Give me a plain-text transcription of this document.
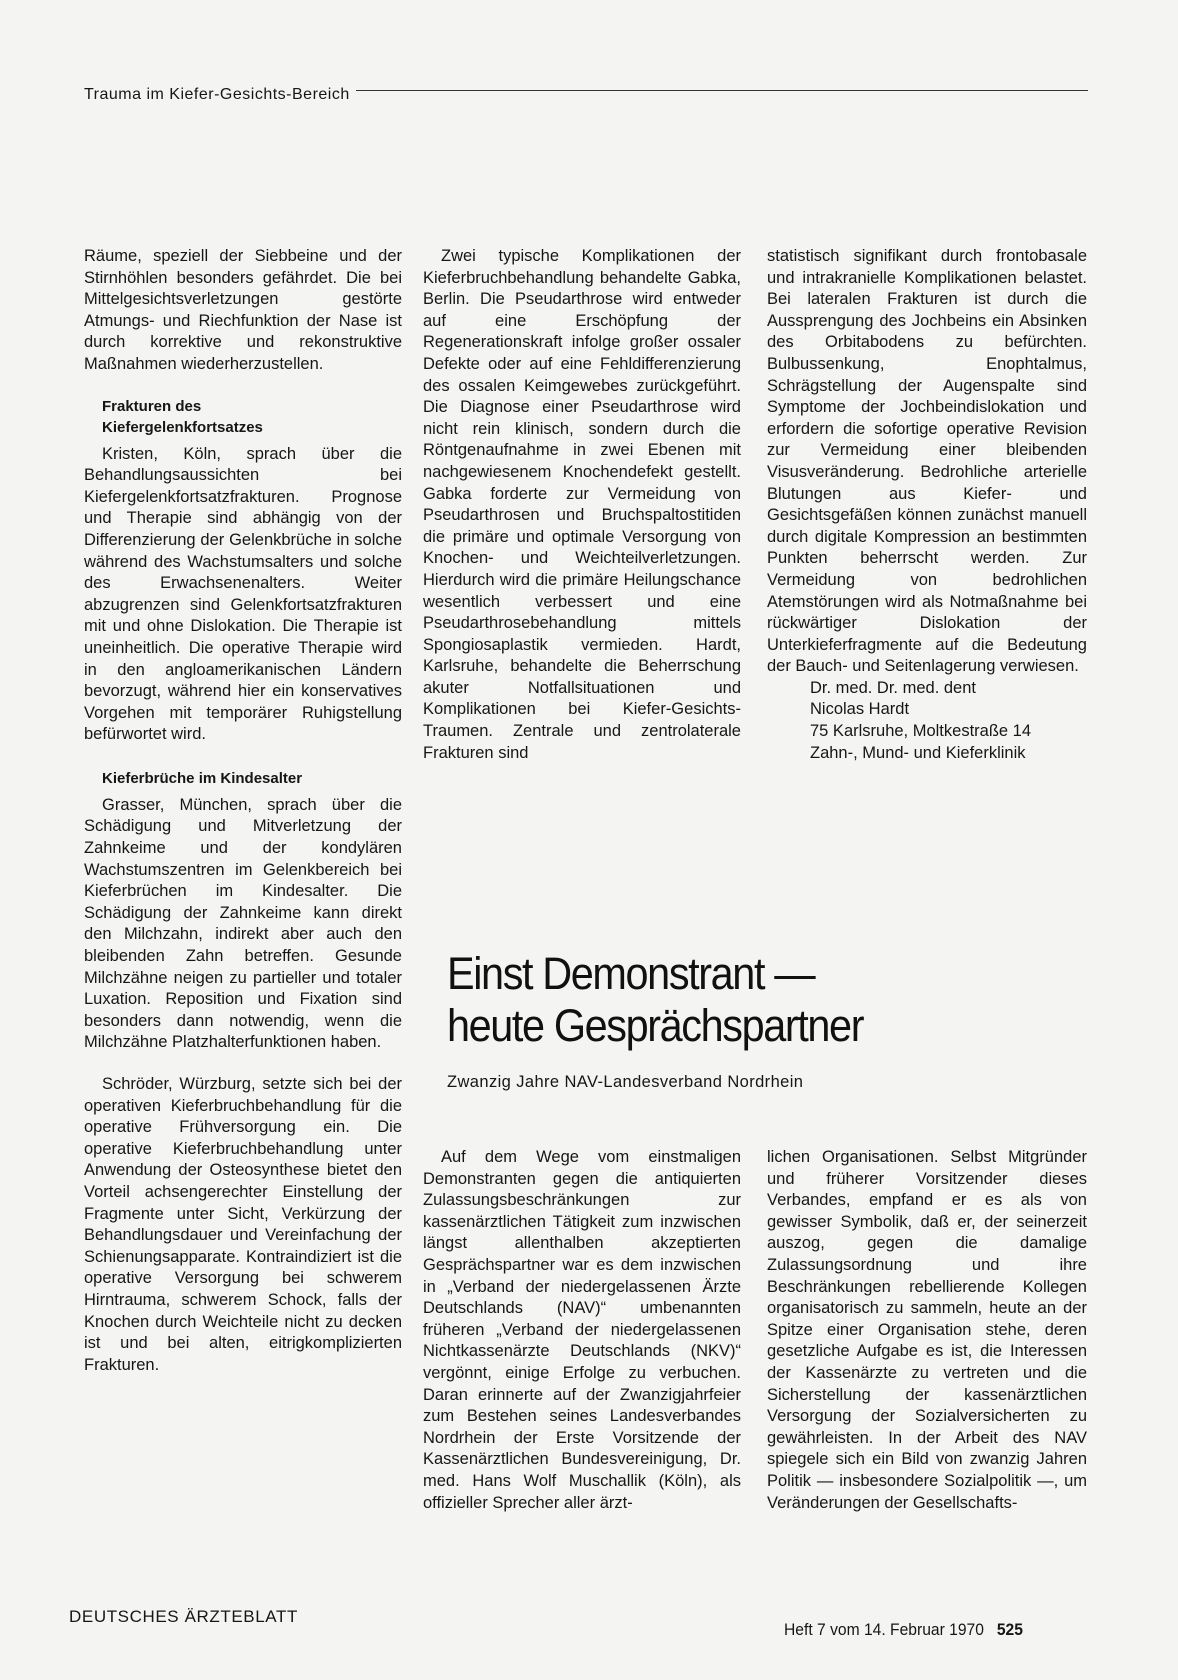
Trauma im Kiefer-Gesichts-Bereich

Räume, speziell der Siebbeine und der Stirnhöhlen besonders gefährdet. Die bei Mittelgesichtsverletzungen gestörte Atmungs- und Riechfunktion der Nase ist durch korrektive und rekonstruktive Maßnahmen wiederherzustellen.

Frakturen des
Kiefergelenkfortsatzes

Kristen, Köln, sprach über die Behandlungsaussichten bei Kiefergelenkfortsatzfrakturen. Prognose und Therapie sind abhängig von der Differenzierung der Gelenkbrüche in solche während des Wachstumsalters und solche des Erwachsenenalters. Weiter abzugrenzen sind Gelenkfortsatzfrakturen mit und ohne Dislokation. Die Therapie ist uneinheitlich. Die operative Therapie wird in den angloamerikanischen Ländern bevorzugt, während hier ein konservatives Vorgehen mit temporärer Ruhigstellung befürwortet wird.

Kieferbrüche im Kindesalter

Grasser, München, sprach über die Schädigung und Mitverletzung der Zahnkeime und der kondylären Wachstumszentren im Gelenkbereich bei Kieferbrüchen im Kindesalter. Die Schädigung der Zahnkeime kann direkt den Milchzahn, indirekt aber auch den bleibenden Zahn betreffen. Gesunde Milchzähne neigen zu partieller und totaler Luxation. Reposition und Fixation sind besonders dann notwendig, wenn die Milchzähne Platzhalterfunktionen haben.

Schröder, Würzburg, setzte sich bei der operativen Kieferbruchbehandlung für die operative Frühversorgung ein. Die operative Kieferbruchbehandlung unter Anwendung der Osteosynthese bietet den Vorteil achsengerechter Einstellung der Fragmente unter Sicht, Verkürzung der Behandlungsdauer und Vereinfachung der Schienungsapparate. Kontraindiziert ist die operative Versorgung bei schwerem Hirntrauma, schwerem Schock, falls der Knochen durch Weichteile nicht zu decken ist und bei alten, eitrigkomplizierten Frakturen.

Zwei typische Komplikationen der Kieferbruchbehandlung behandelte Gabka, Berlin. Die Pseudarthrose wird entweder auf eine Erschöpfung der Regenerationskraft infolge großer ossaler Defekte oder auf eine Fehldifferenzierung des ossalen Keimgewebes zurückgeführt. Die Diagnose einer Pseudarthrose wird nicht rein klinisch, sondern durch die Röntgenaufnahme in zwei Ebenen mit nachgewiesenem Knochendefekt gestellt. Gabka forderte zur Vermeidung von Pseudarthrosen und Bruchspaltostitiden die primäre und optimale Versorgung von Knochen- und Weichteilverletzungen. Hierdurch wird die primäre Heilungschance wesentlich verbessert und eine Pseudarthrosebehandlung mittels Spongiosaplastik vermieden. Hardt, Karlsruhe, behandelte die Beherrschung akuter Notfallsituationen und Komplikationen bei Kiefer-Gesichts-Traumen. Zentrale und zentrolaterale Frakturen sind

statistisch signifikant durch frontobasale und intrakranielle Komplikationen belastet. Bei lateralen Frakturen ist durch die Aussprengung des Jochbeins ein Absinken des Orbitabodens zu befürchten. Bulbussenkung, Enophtalmus, Schrägstellung der Augenspalte sind Symptome der Jochbeindislokation und erfordern die sofortige operative Revision zur Vermeidung einer bleibenden Visusveränderung. Bedrohliche arterielle Blutungen aus Kiefer- und Gesichtsgefäßen können zunächst manuell durch digitale Kompression an bestimmten Punkten beherrscht werden. Zur Vermeidung von bedrohlichen Atemstörungen wird als Notmaßnahme bei rückwärtiger Dislokation der Unterkieferfragmente auf die Bedeutung der Bauch- und Seitenlagerung verwiesen.

Dr. med. Dr. med. dent
Nicolas Hardt
75 Karlsruhe, Moltkestraße 14
Zahn-, Mund- und Kieferklinik
Einst Demonstrant —
heute Gesprächspartner
Zwanzig Jahre NAV-Landesverband Nordrhein

Auf dem Wege vom einstmaligen Demonstranten gegen die antiquierten Zulassungsbeschränkungen zur kassenärztlichen Tätigkeit zum inzwischen längst allenthalben akzeptierten Gesprächspartner war es dem inzwischen in „Verband der niedergelassenen Ärzte Deutschlands (NAV)“ umbenannten früheren „Verband der niedergelassenen Nichtkassenärzte Deutschlands (NKV)“ vergönnt, einige Erfolge zu verbuchen. Daran erinnerte auf der Zwanzigjahrfeier zum Bestehen seines Landesverbandes Nordrhein der Erste Vorsitzende der Kassenärztlichen Bundesvereinigung, Dr. med. Hans Wolf Muschallik (Köln), als offizieller Sprecher aller ärzt-

lichen Organisationen. Selbst Mitgründer und früherer Vorsitzender dieses Verbandes, empfand er es als von gewisser Symbolik, daß er, der seinerzeit auszog, gegen die damalige Zulassungsordnung und ihre Beschränkungen rebellierende Kollegen organisatorisch zu sammeln, heute an der Spitze einer Organisation stehe, deren gesetzliche Aufgabe es ist, die Interessen der Kassenärzte zu vertreten und die Sicherstellung der kassenärztlichen Versorgung der Sozialversicherten zu gewährleisten. In der Arbeit des NAV spiegele sich ein Bild von zwanzig Jahren Politik — insbesondere Sozialpolitik —, um Veränderungen der Gesellschafts-

DEUTSCHES ÄRZTEBLATT
Heft 7 vom 14. Februar 1970 525
